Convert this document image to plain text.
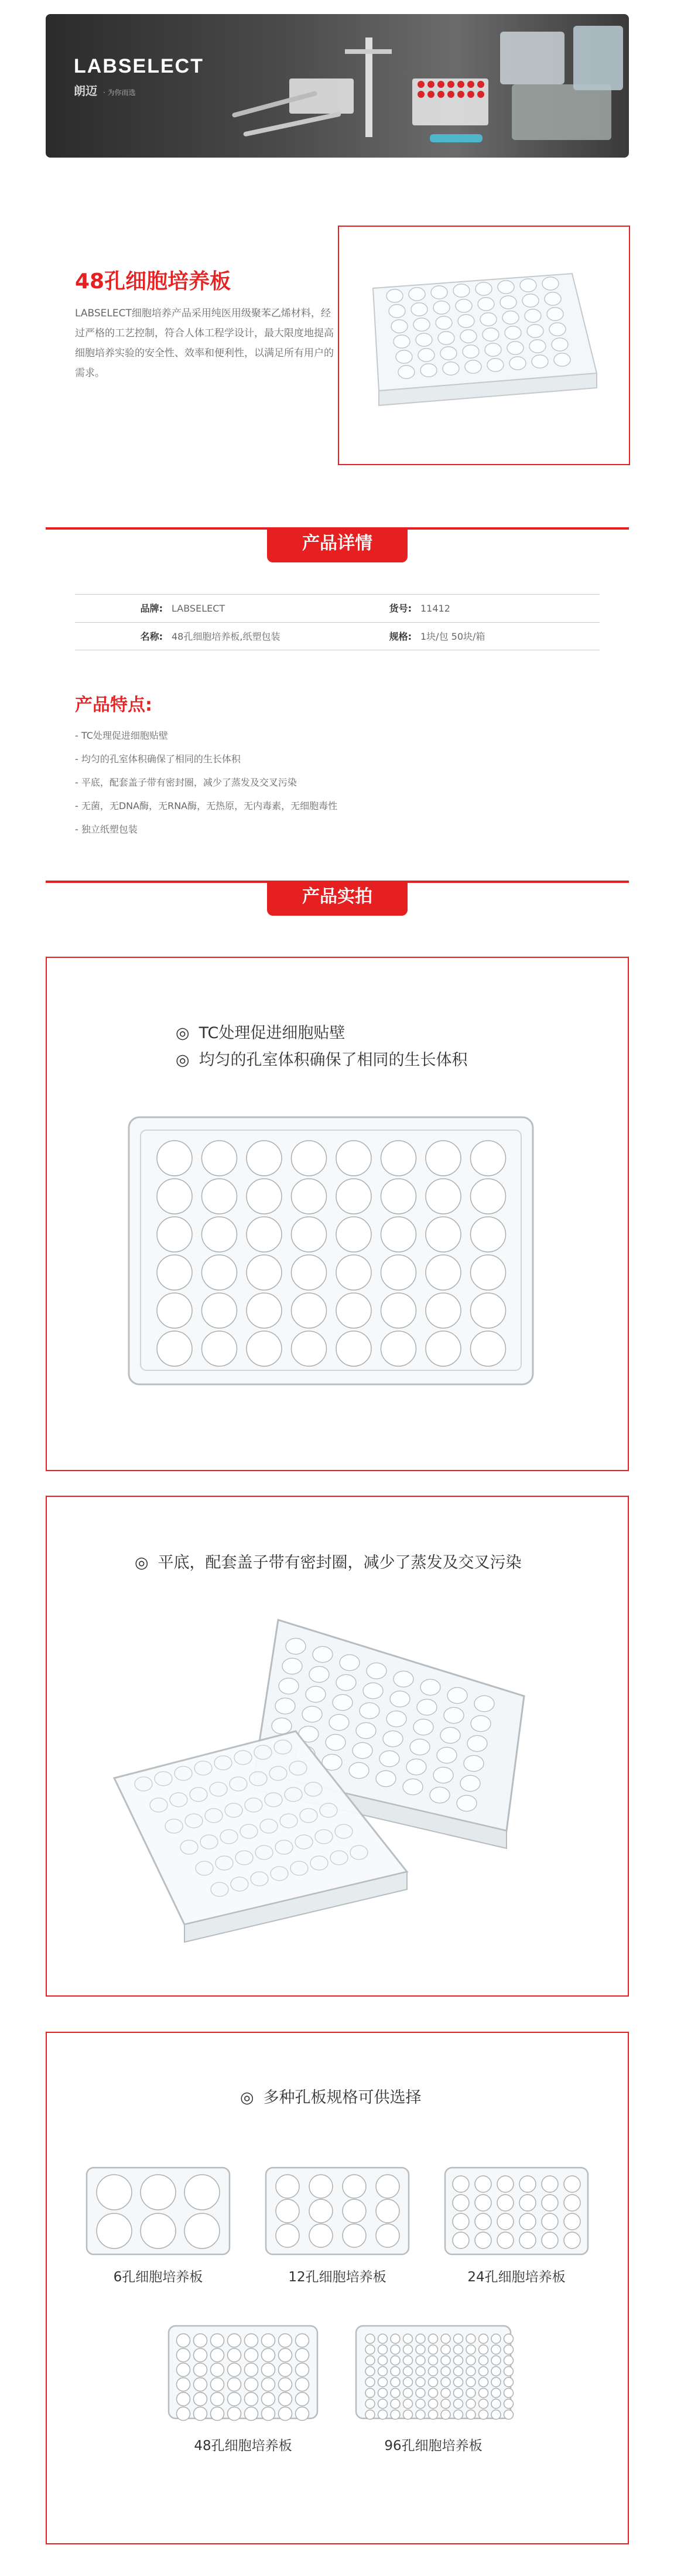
LABSELECT
朗迈 · 为你而选
48孔细胞培养板
LABSELECT细胞培养产品采用纯医用级聚苯乙烯材料，经过严格的工艺控制，符合人体工程学设计，最大限度地提高细胞培养实验的安全性、效率和便利性，以满足所有用户的需求。
产品详情
品牌: LABSELECT	货号: 11412
名称: 48孔细胞培养板,纸塑包装	规格: 1块/包 50块/箱
产品特点:
- TC处理促进细胞贴壁
- 均匀的孔室体积确保了相同的生长体积
- 平底，配套盖子带有密封圈，减少了蒸发及交叉污染
- 无菌，无DNA酶，无RNA酶，无热原，无内毒素，无细胞毒性
- 独立纸塑包装
产品实拍
◎ TC处理促进细胞贴壁
◎ 均匀的孔室体积确保了相同的生长体积
◎ 平底，配套盖子带有密封圈，减少了蒸发及交叉污染
◎ 多种孔板规格可供选择
6孔细胞培养板	12孔细胞培养板	24孔细胞培养板
48孔细胞培养板	96孔细胞培养板
